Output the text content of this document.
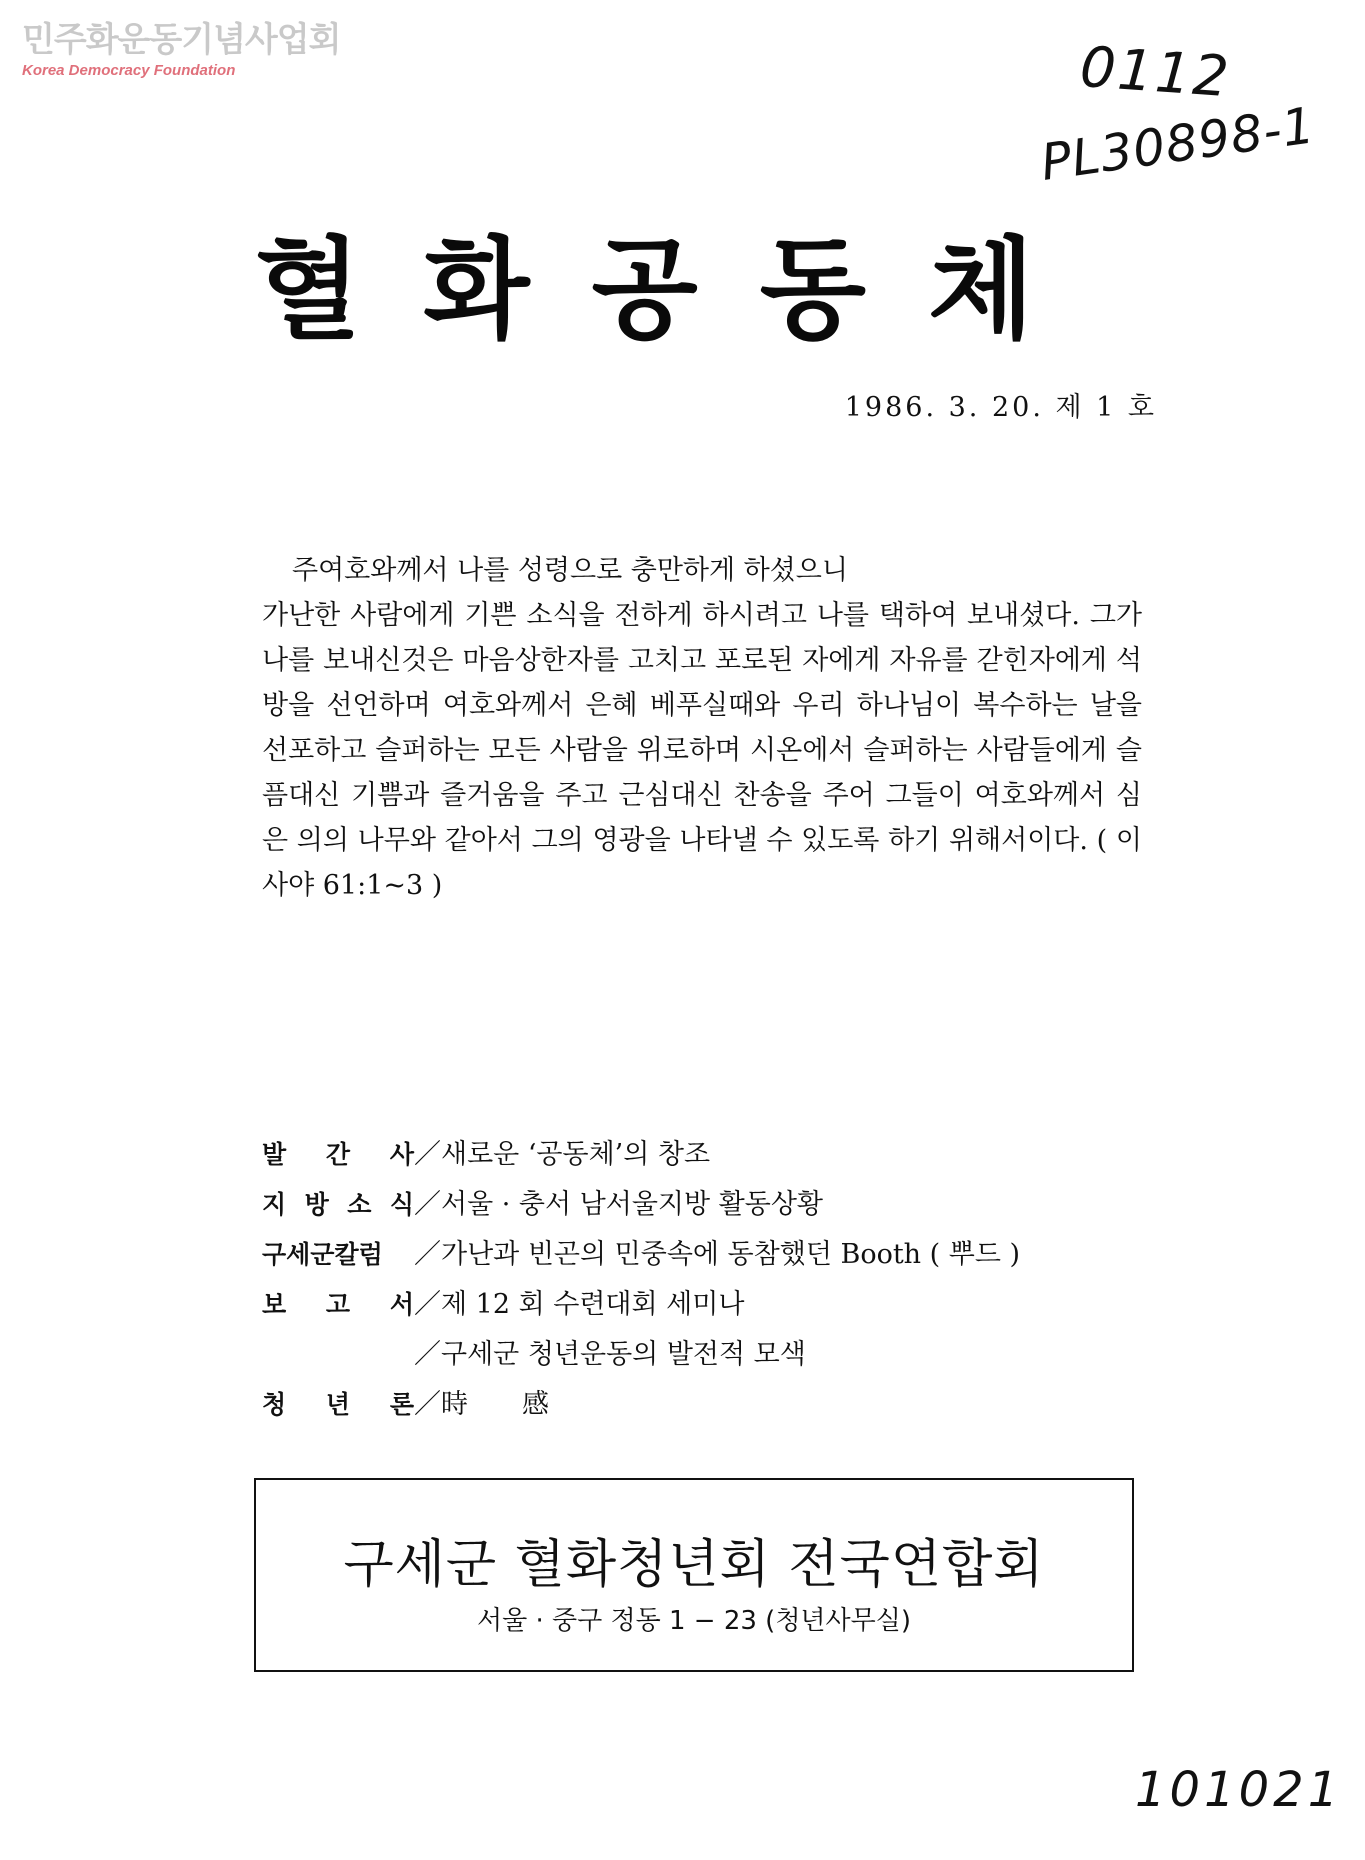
민주화운동기념사업회
Korea Democracy Foundation	0112
PL30898-1
혈화공동체
1986. 3. 20. 제 1 호
주여호와께서 나를 성령으로 충만하게 하셨으니
가난한 사람에게 기쁜 소식을 전하게 하시려고 나를 택하여 보내셨다. 그가 나를 보내신것은 마음상한자를 고치고 포로된 자에게 자유를 갇힌자에게 석방을 선언하며 여호와께서 은혜 베푸실때와 우리 하나님이 복수하는 날을 선포하고 슬퍼하는 모든 사람을 위로하며 시온에서 슬퍼하는 사람들에게 슬픔대신 기쁨과 즐거움을 주고 근심대신 찬송을 주어 그들이 여호와께서 심은 의의 나무와 같아서 그의 영광을 나타낼 수 있도록 하기 위해서이다. ( 이사야 61:1~3 )
발 간 사／새로운 ‘공동체’의 창조
지 방 소 식／서울 · 충서 남서울지방 활동상황
구세군칼럼 ／가난과 빈곤의 민중속에 동참했던 Booth ( 뿌드 )
보 고 서／제 12 회 수련대회 세미나
／구세군 청년운동의 발전적 모색
청 년 론／時　　感
구세군 혈화청년회 전국연합회
서울 · 중구 정동 1 − 23 (청년사무실)
101021
